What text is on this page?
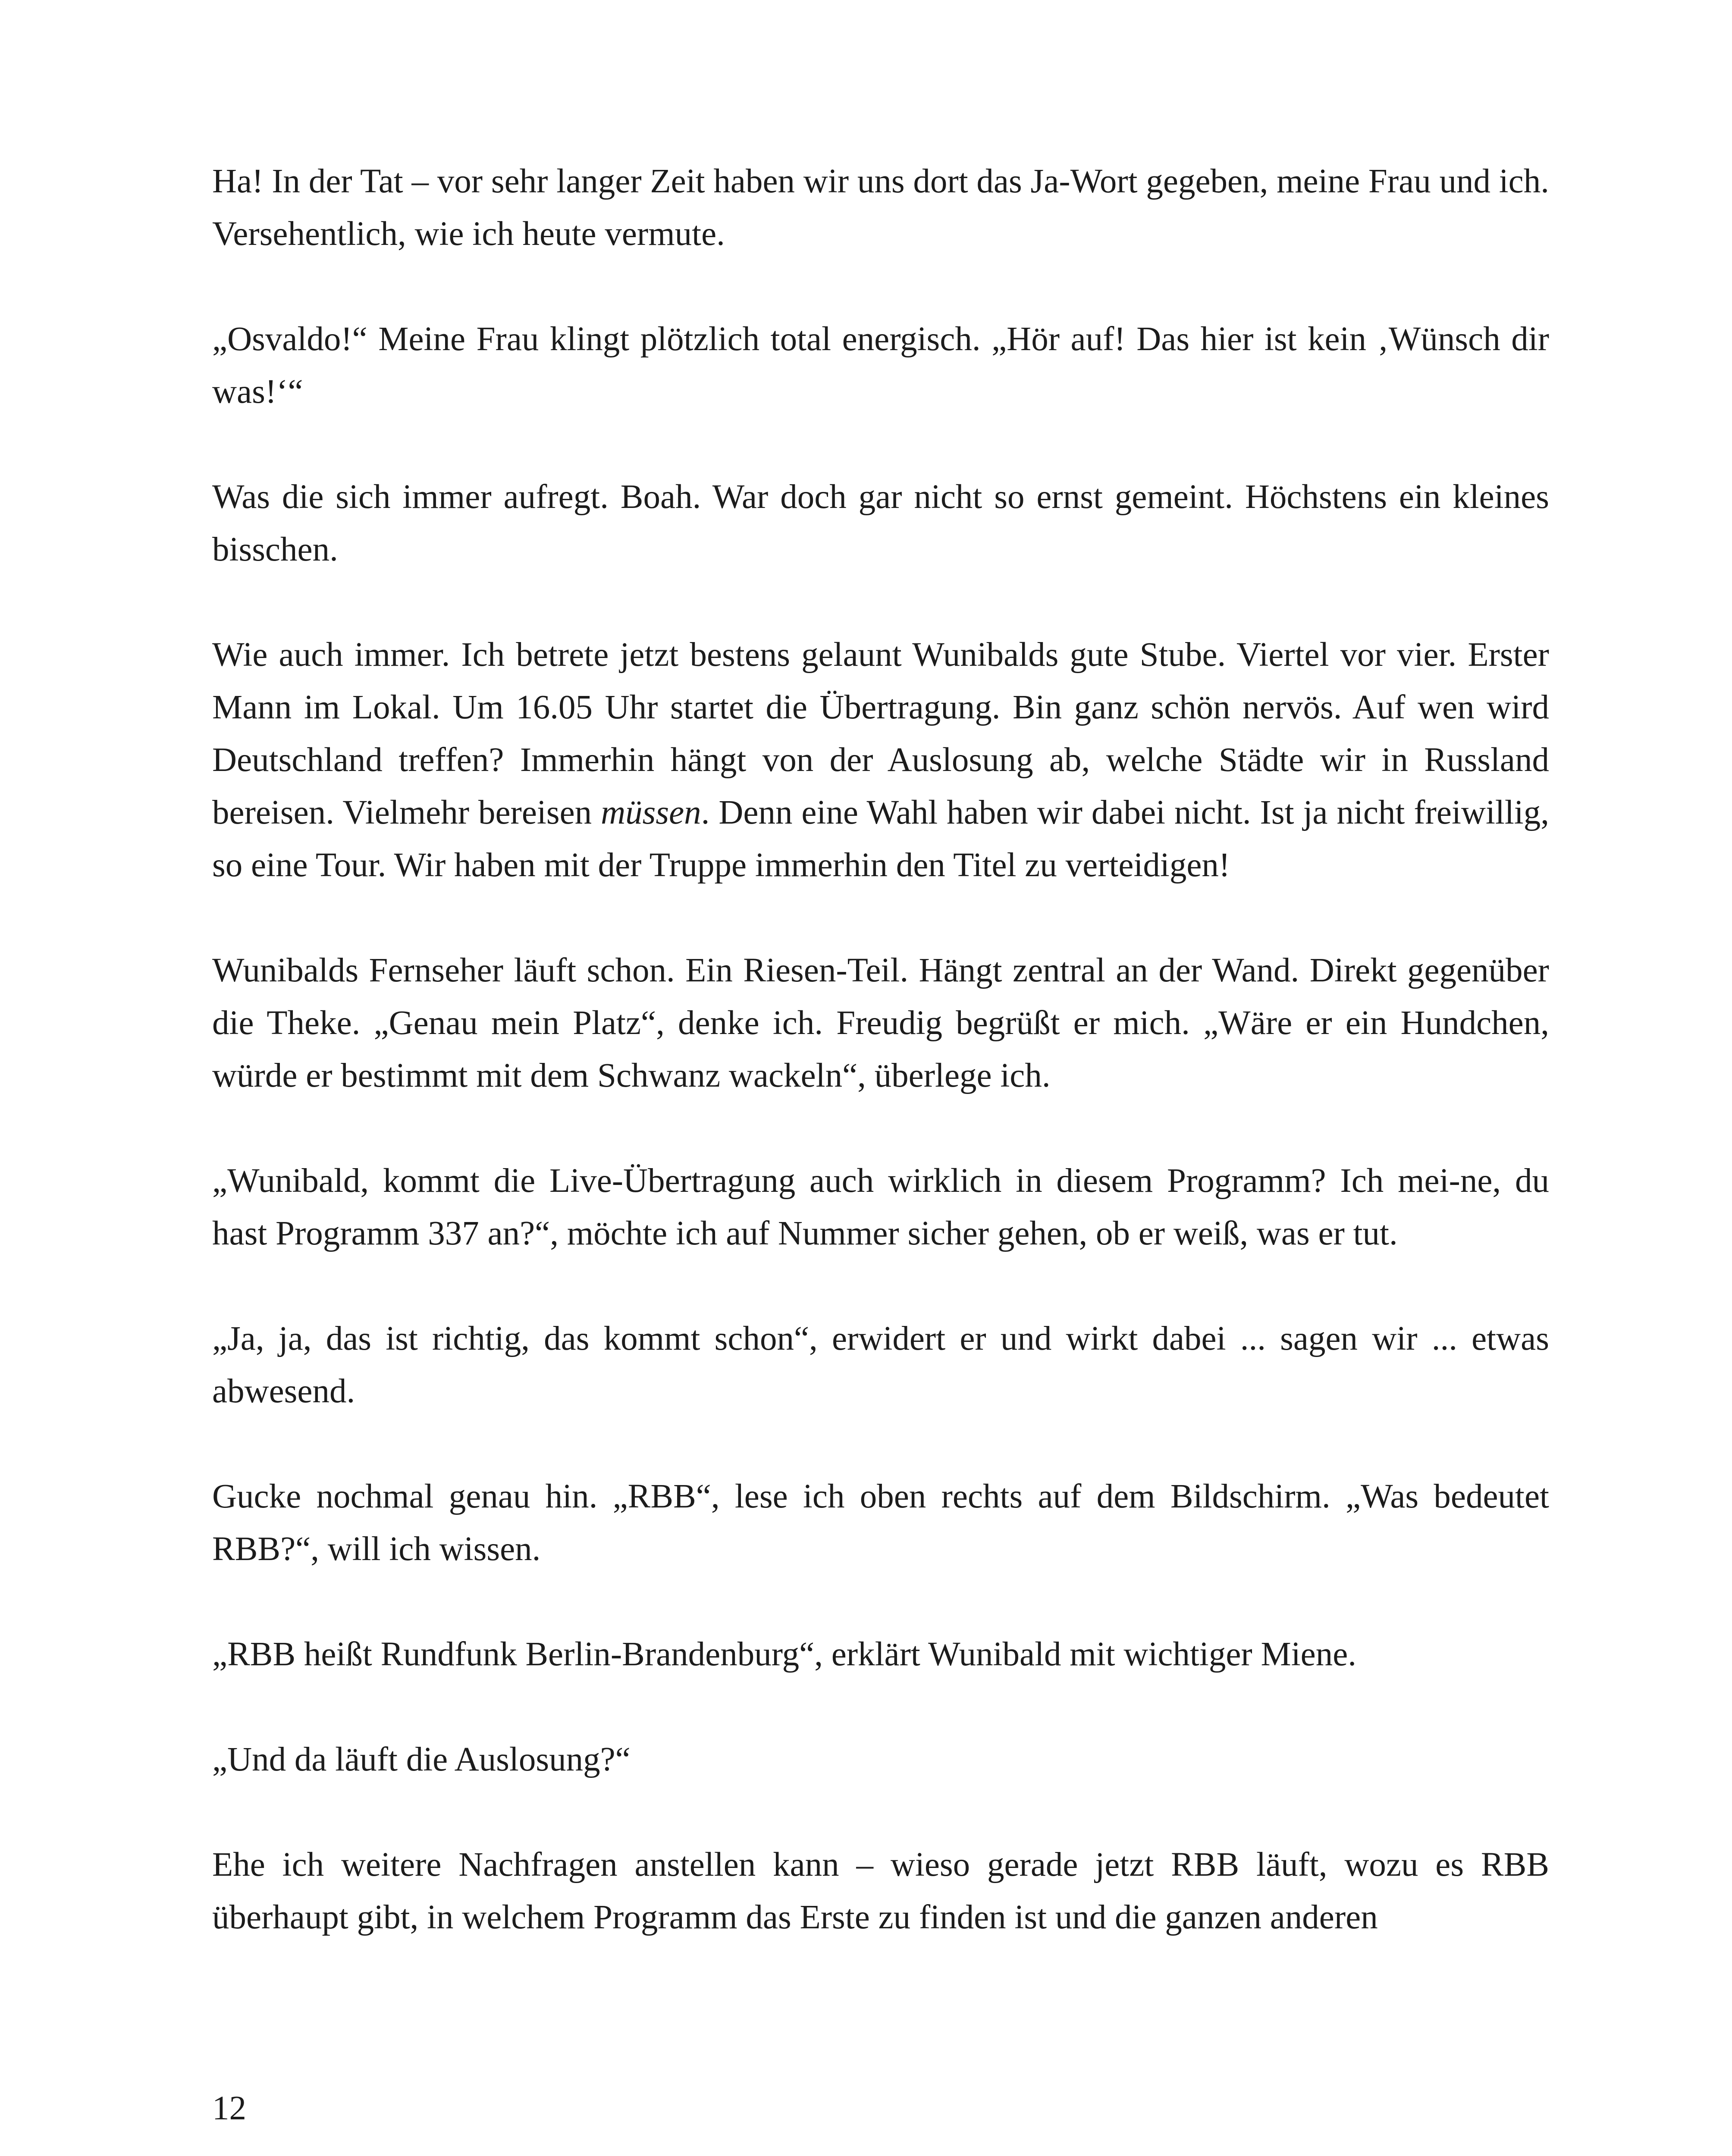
Ha! In der Tat – vor sehr langer Zeit haben wir uns dort das Ja-Wort gegeben, meine Frau und ich. Versehentlich, wie ich heute vermute.

„Osvaldo!“ Meine Frau klingt plötzlich total energisch. „Hör auf! Das hier ist kein ‚Wünsch dir was!‘“

Was die sich immer aufregt. Boah. War doch gar nicht so ernst gemeint. Höchstens ein kleines bisschen.

Wie auch immer. Ich betrete jetzt bestens gelaunt Wunibalds gute Stube. Viertel vor vier. Erster Mann im Lokal. Um 16.05 Uhr startet die Übertragung. Bin ganz schön nervös. Auf wen wird Deutschland treffen? Immerhin hängt von der Auslosung ab, welche Städte wir in Russland bereisen. Vielmehr bereisen müssen. Denn eine Wahl haben wir dabei nicht. Ist ja nicht freiwillig, so eine Tour. Wir haben mit der Truppe immerhin den Titel zu verteidigen!

Wunibalds Fernseher läuft schon. Ein Riesen-Teil. Hängt zentral an der Wand. Direkt gegenüber die Theke. „Genau mein Platz“, denke ich. Freudig begrüßt er mich. „Wäre er ein Hundchen, würde er bestimmt mit dem Schwanz wackeln“, überlege ich.

„Wunibald, kommt die Live-Übertragung auch wirklich in diesem Programm? Ich mei-ne, du hast Programm 337 an?“, möchte ich auf Nummer sicher gehen, ob er weiß, was er tut.

„Ja, ja, das ist richtig, das kommt schon“, erwidert er und wirkt dabei ... sagen wir ... etwas abwesend.

Gucke nochmal genau hin. „RBB“, lese ich oben rechts auf dem Bildschirm. „Was bedeutet RBB?“, will ich wissen.

„RBB heißt Rundfunk Berlin-Brandenburg“, erklärt Wunibald mit wichtiger Miene.

„Und da läuft die Auslosung?“

Ehe ich weitere Nachfragen anstellen kann – wieso gerade jetzt RBB läuft, wozu es RBB überhaupt gibt, in welchem Programm das Erste zu finden ist und die ganzen anderen

12
